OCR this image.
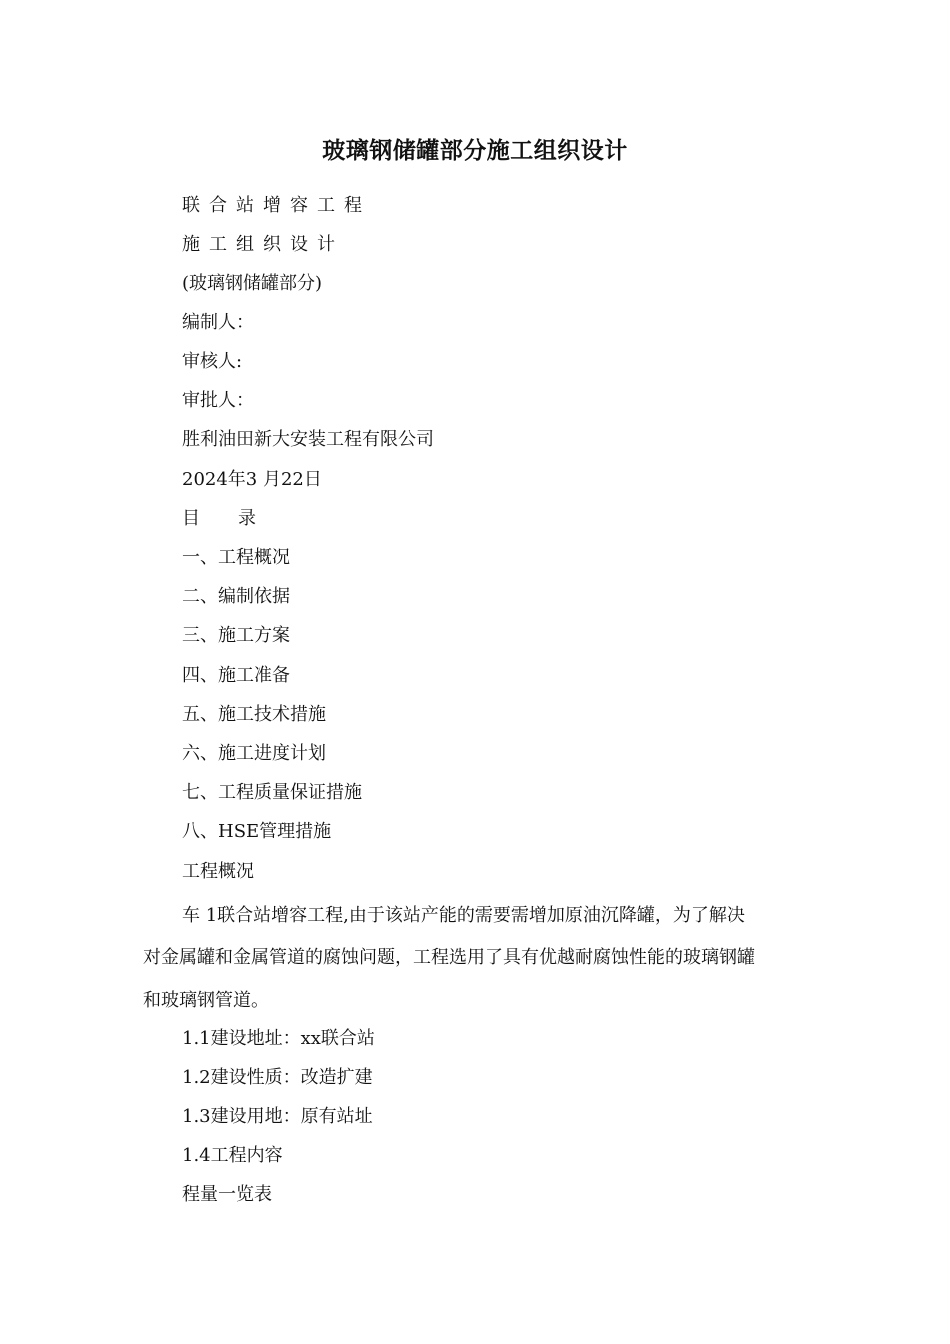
玻璃钢储罐部分施工组织设计
联合站增容工程
施工组织设计
(玻璃钢储罐部分)
编制人：
审核人:
审批人：
胜利油田新大安装工程有限公司
2024年3 月22日
目 录
一、工程概况
二、编制依据
三、施工方案
四、施工准备
五、施工技术措施
六、施工进度计划
七、工程质量保证措施
八、HSE管理措施
工程概况
车 1联合站增容工程,由于该站产能的需要需增加原油沉降罐，为了解决
对金属罐和金属管道的腐蚀问题，工程选用了具有优越耐腐蚀性能的玻璃钢罐
和玻璃钢管道。
1.1建设地址：xx联合站
1.2建设性质：改造扩建
1.3建设用地：原有站址
1.4工程内容
程量一览表
